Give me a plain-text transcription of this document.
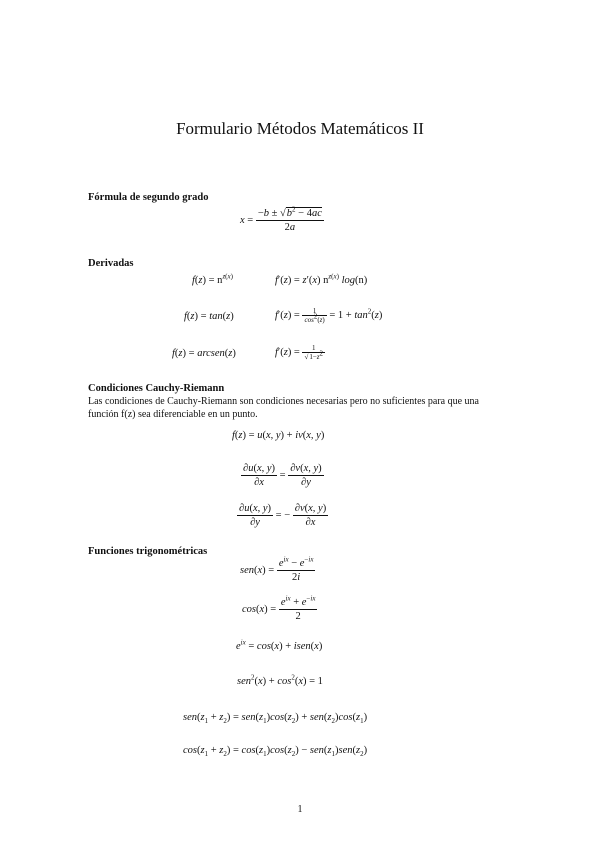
Formulario Métodos Matemáticos II
Fórmula de segundo grado
$x = \frac{-b \pm √b^2 - 4ac}{2a}$
Derivadas
$f(z) = n^{z(x)}$	f′(z) = z′(x) $n^{z(x)}$ log(n)
f(z) = tan(z)	$f'(z) = \frac{1}{\cos^2(z)} = 1 + \tan^2(z)$
f(z) = arcsen(z)	$f'(z) = \frac{1}{√1-z^2}$
Condiciones Cauchy-Riemann
Las condiciones de Cauchy-Riemann son condiciones necesarias pero no suficientes para que una función f(z) sea diferenciable en un punto.
f(z) = u(x, y) + iv(x, y)
$\frac{\partial u(x, y)}{\partial x} = \frac{\partial v(x, y)}{\partial y}$
$\frac{\partial u(x, y)}{\partial y}$ = − $\frac{\partial v(x, y)}{\partial x}$
Funciones trigonométricas
$sen(x) = \frac{e^{ix} - e^{-ix}}{2i}$
$\cos(x) = \frac{e^{ix} + e^{-ix}}{2}$
$e^{ix} = \cos(x)$ + isen(x)
$sen^2(x) + \cos^2(x) = 1$
$sen(z_1 + z_2) = sen(z_1)\cos(z_2) + sen(z_2)\cos(z_1)$
$\cos(z_1 + z_2) = \cos(z_1)\cos(z_2) - sen(z_1)sen(z_2)$
1
